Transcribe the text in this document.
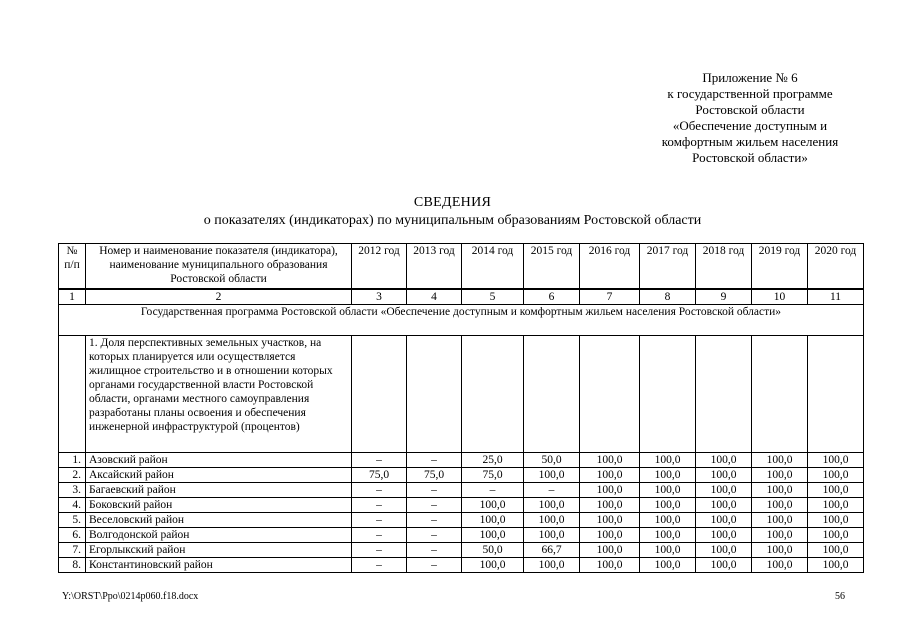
Приложение № 6
к государственной программе
Ростовской области
«Обеспечение доступным и
комфортным жильем населения
Ростовской области»
СВЕДЕНИЯ
о показателях (индикаторах) по муниципальным образованиям Ростовской области
№ п/п	Номер и наименование показателя (индикатора), наименование муниципального образования Ростовской области	2012 год	2013 год	2014 год	2015 год	2016 год	2017 год	2018 год	2019 год	2020 год
1	2	3	4	5	6	7	8	9	10	11
Государственная программа Ростовской области «Обеспечение доступным и комфортным жильем населения Ростовской области»										
	1. Доля перспективных земельных участков, на которых планируется или осуществляется жилищное строительство и в отношении которых органами государственной власти Ростовской области, органами местного самоуправления разработаны планы освоения и обеспечения инженерной инфраструктурой (процентов)									
1.	Азовский район	–	–	25,0	50,0	100,0	100,0	100,0	100,0	100,0
2.	Аксайский район	75,0	75,0	75,0	100,0	100,0	100,0	100,0	100,0	100,0
3.	Багаевский район	–	–	–	–	100,0	100,0	100,0	100,0	100,0
4.	Боковский район	–	–	100,0	100,0	100,0	100,0	100,0	100,0	100,0
5.	Веселовский район	–	–	100,0	100,0	100,0	100,0	100,0	100,0	100,0
6.	Волгодонской район	–	–	100,0	100,0	100,0	100,0	100,0	100,0	100,0
7.	Егорлыкский район	–	–	50,0	66,7	100,0	100,0	100,0	100,0	100,0
8.	Константиновский район	–	–	100,0	100,0	100,0	100,0	100,0	100,0	100,0
Y:\ORST\Ppo\0214p060.f18.docx	56
